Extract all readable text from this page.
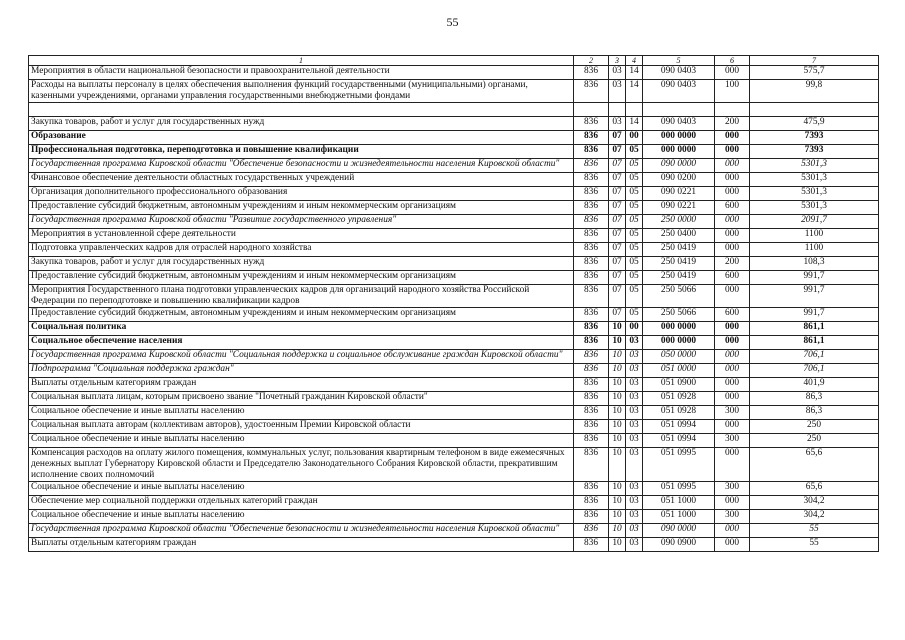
55
1	2	3	4	5	6	7
Мероприятия в области национальной безопасности и правоохранительной деятельности	836	03	14	090 0403	000	575,7
Расходы на выплаты персоналу в целях обеспечения выполнения функций государственными (муниципальными) органами, казенными учреждениями, органами управления государственными внебюджетными фондами	836	03	14	090 0403	100	99,8

Закупка товаров, работ и услуг для государственных нужд	836	03	14	090 0403	200	475,9
Образование	836	07	00	000 0000	000	7393
Профессиональная подготовка, переподготовка и повышение квалификации	836	07	05	000 0000	000	7393
Государственная программа Кировской области "Обеспечение безопасности и жизнедеятельности населения Кировской области"	836	07	05	090 0000	000	5301,3
Финансовое обеспечение деятельности областных государственных учреждений	836	07	05	090 0200	000	5301,3
Организация дополнительного профессионального образования	836	07	05	090 0221	000	5301,3
Предоставление субсидий бюджетным, автономным учреждениям и иным некоммерческим организациям	836	07	05	090 0221	600	5301,3
Государственная программа Кировской области "Развитие государственного управления"	836	07	05	250 0000	000	2091,7
Мероприятия в установленной сфере деятельности	836	07	05	250 0400	000	1100
Подготовка управленческих кадров для отраслей народного хозяйства	836	07	05	250 0419	000	1100
Закупка товаров, работ и услуг для государственных нужд	836	07	05	250 0419	200	108,3
Предоставление субсидий бюджетным, автономным учреждениям и иным некоммерческим организациям	836	07	05	250 0419	600	991,7
Мероприятия Государственного плана подготовки управленческих кадров для организаций народного хозяйства Российской Федерации по переподготовке и повышению квалификации кадров	836	07	05	250 5066	000	991,7
Предоставление субсидий бюджетным, автономным учреждениям и иным некоммерческим организациям	836	07	05	250 5066	600	991,7
Социальная политика	836	10	00	000 0000	000	861,1
Социальное обеспечение населения	836	10	03	000 0000	000	861,1
Государственная программа Кировской области "Социальная поддержка и социальное обслуживание граждан Кировской области"	836	10	03	050 0000	000	706,1
Подпрограмма "Социальная поддержка граждан"	836	10	03	051 0000	000	706,1
Выплаты отдельным категориям граждан	836	10	03	051 0900	000	401,9
Социальная выплата лицам, которым присвоено звание "Почетный гражданин Кировской области"	836	10	03	051 0928	000	86,3
Социальное обеспечение и иные выплаты населению	836	10	03	051 0928	300	86,3
Социальная выплата авторам (коллективам авторов), удостоенным Премии Кировской области	836	10	03	051 0994	000	250
Социальное обеспечение и иные выплаты населению	836	10	03	051 0994	300	250
Компенсация расходов на оплату жилого помещения, коммунальных услуг, пользования квартирным телефоном в виде ежемесячных денежных выплат Губернатору Кировской области и Председателю Законодательного Собрания Кировской области, прекратившим исполнение своих полномочий	836	10	03	051 0995	000	65,6
Социальное обеспечение и иные выплаты населению	836	10	03	051 0995	300	65,6
Обеспечение мер социальной поддержки отдельных категорий граждан	836	10	03	051 1000	000	304,2
Социальное обеспечение и иные выплаты населению	836	10	03	051 1000	300	304,2
Государственная программа Кировской области "Обеспечение безопасности и жизнедеятельности населения Кировской области"	836	10	03	090 0000	000	55
Выплаты отдельным категориям граждан	836	10	03	090 0900	000	55
